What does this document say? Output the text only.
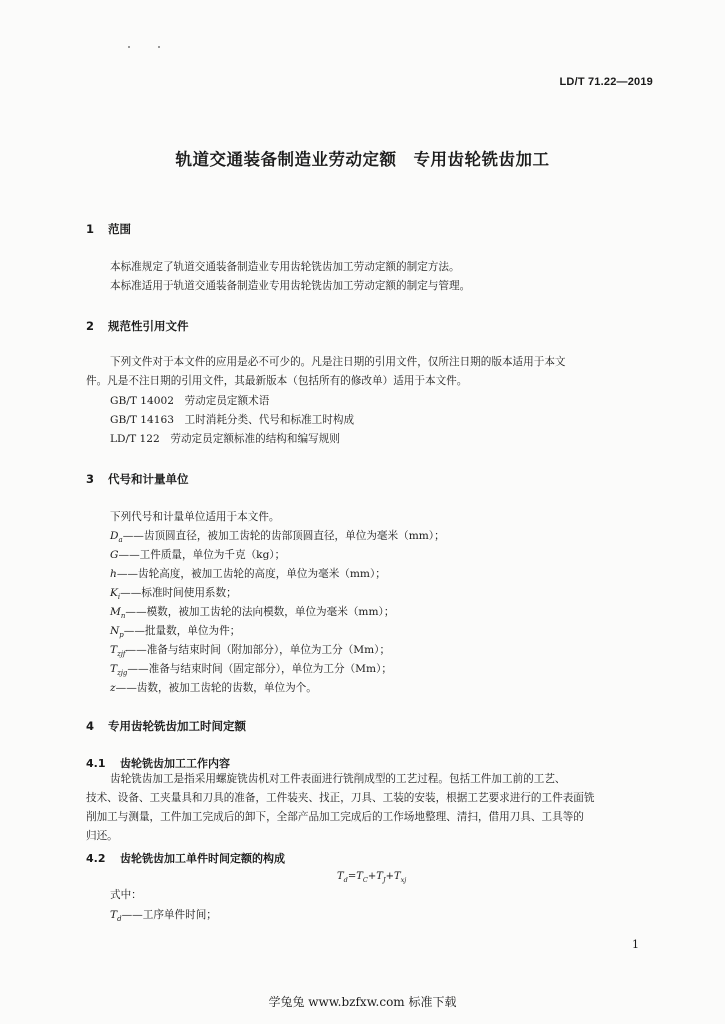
LD/T 71.22—2019
轨道交通装备制造业劳动定额　专用齿轮铣齿加工
1 范围
本标准规定了轨道交通装备制造业专用齿轮铣齿加工劳动定额的制定方法。
本标准适用于轨道交通装备制造业专用齿轮铣齿加工劳动定额的制定与管理。
2 规范性引用文件
下列文件对于本文件的应用是必不可少的。凡是注日期的引用文件，仅所注日期的版本适用于本文
件。凡是不注日期的引用文件，其最新版本（包括所有的修改单）适用于本文件。
GB/T 14002　劳动定员定额术语
GB/T 14163　工时消耗分类、代号和标准工时构成
LD/T 122　劳动定员定额标准的结构和编写规则
3 代号和计量单位
下列代号和计量单位适用于本文件。
$D_a——$齿顶圆直径，被加工齿轮的齿部顶圆直径，单位为毫米（mm）；
G——工件质量，单位为千克（kg）；
h——齿轮高度，被加工齿轮的高度，单位为毫米（mm）；
$K_i——$标准时间使用系数；
$M_n——$模数，被加工齿轮的法向模数，单位为毫米（mm）；
$N_p——$批量数，单位为件；
$T_{zjf}——$准备与结束时间（附加部分），单位为工分（Mm）；
$T_{zjg}——$准备与结束时间（固定部分），单位为工分（Mm）；
z——齿数，被加工齿轮的齿数，单位为个。
4 专用齿轮铣齿加工时间定额
4.1 齿轮铣齿加工工作内容
齿轮铣齿加工是指采用螺旋铣齿机对工件表面进行铣削成型的工艺过程。包括工件加工前的工艺、
技术、设备、工夹量具和刀具的准备，工件装夹、找正，刀具、工装的安装，根据工艺要求进行的工件表面铣
削加工与测量，工件加工完成后的卸下，全部产品加工完成后的工作场地整理、清扫，借用刀具、工具等的
归还。
4.2 齿轮铣齿加工单件时间定额的构成
$T_d=T_C+T_J+T_{xj}$
式中：
$T_d——$工序单件时间；
1
学兔兔 www.bzfxw.com 标准下载
